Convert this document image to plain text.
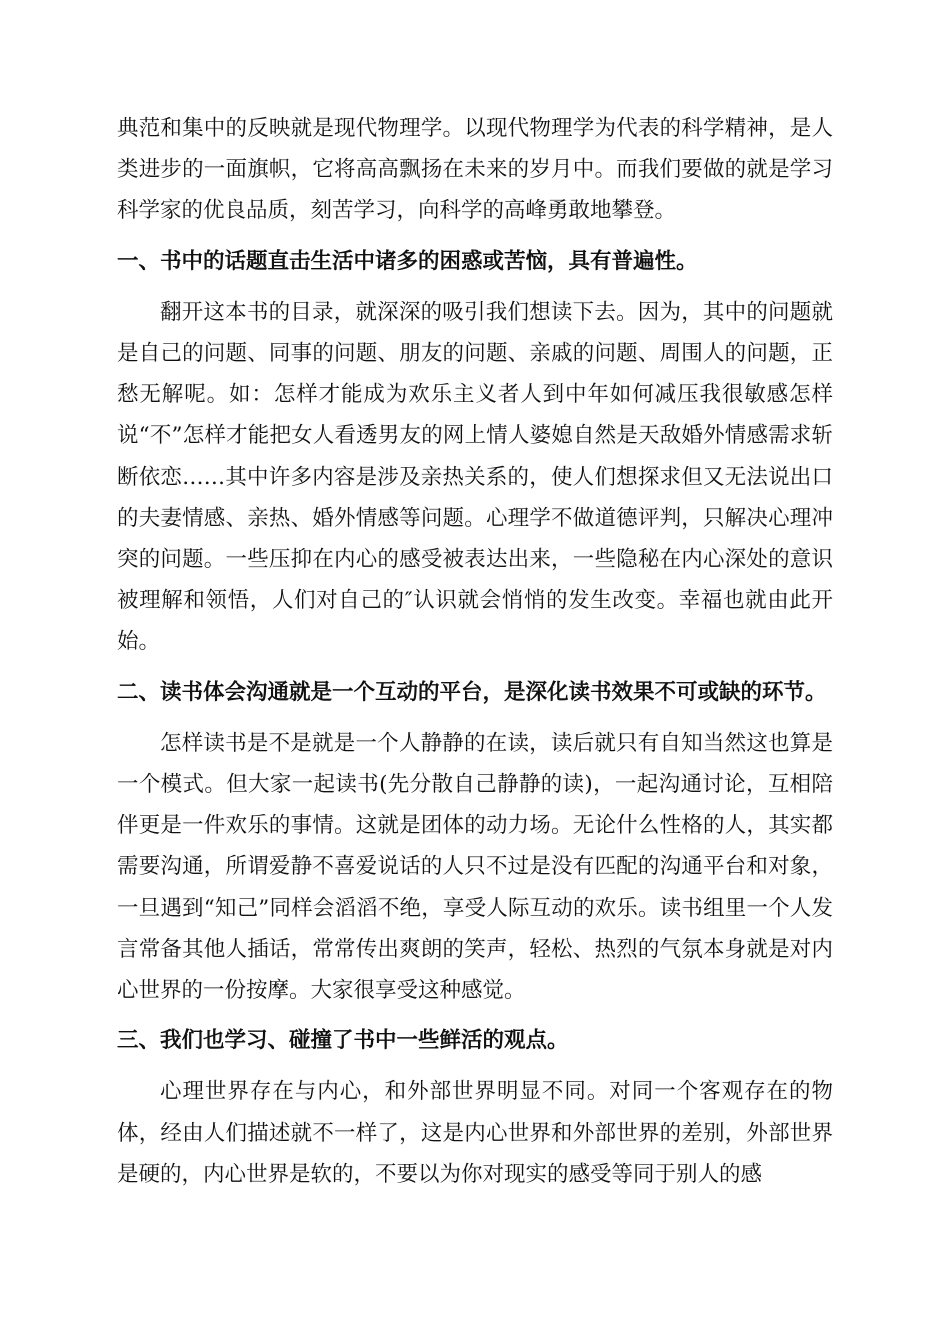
典范和集中的反映就是现代物理学。以现代物理学为代表的科学精神，是人类进步的一面旗帜，它将高高飘扬在未来的岁月中。而我们要做的就是学习科学家的优良品质，刻苦学习，向科学的高峰勇敢地攀登。

一、书中的话题直击生活中诸多的困惑或苦恼，具有普遍性。

翻开这本书的目录，就深深的吸引我们想读下去。因为，其中的问题就是自己的问题、同事的问题、朋友的问题、亲戚的问题、周围人的问题，正愁无解呢。如：怎样才能成为欢乐主义者人到中年如何减压我很敏感怎样说“不”怎样才能把女人看透男友的网上情人婆媳自然是天敌婚外情感需求斩断依恋……其中许多内容是涉及亲热关系的，使人们想探求但又无法说出口的夫妻情感、亲热、婚外情感等问题。心理学不做道德评判，只解决心理冲突的问题。一些压抑在内心的感受被表达出来，一些隐秘在内心深处的意识被理解和领悟，人们对自己的″认识就会悄悄的发生改变。幸福也就由此开始。

二、读书体会沟通就是一个互动的平台，是深化读书效果不可或缺的环节。

怎样读书是不是就是一个人静静的在读，读后就只有自知当然这也算是一个模式。但大家一起读书(先分散自己静静的读)，一起沟通讨论，互相陪伴更是一件欢乐的事情。这就是团体的动力场。无论什么性格的人，其实都需要沟通，所谓爱静不喜爱说话的人只不过是没有匹配的沟通平台和对象，一旦遇到“知己”同样会滔滔不绝，享受人际互动的欢乐。读书组里一个人发言常备其他人插话，常常传出爽朗的笑声，轻松、热烈的气氛本身就是对内心世界的一份按摩。大家很享受这种感觉。

三、我们也学习、碰撞了书中一些鲜活的观点。

心理世界存在与内心，和外部世界明显不同。对同一个客观存在的物体，经由人们描述就不一样了，这是内心世界和外部世界的差别，外部世界是硬的，内心世界是软的，不要以为你对现实的感受等同于别人的感
